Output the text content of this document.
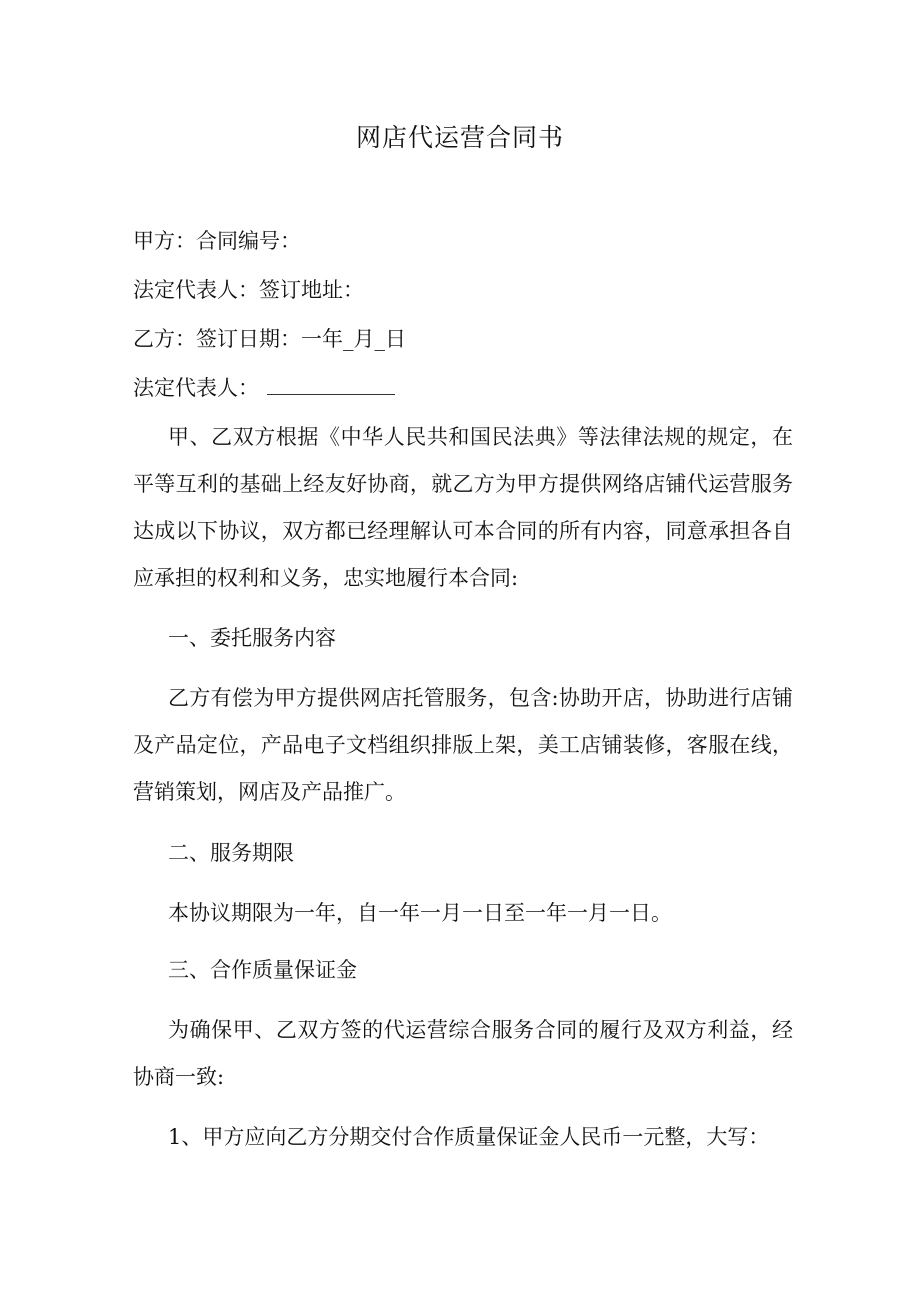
网店代运营合同书
甲方：合同编号：
法定代表人：签订地址：
乙方：签订日期：一年_月_日
法定代表人：
甲、乙双方根据《中华人民共和国民法典》等法律法规的规定，在平等互利的基础上经友好协商，就乙方为甲方提供网络店铺代运营服务达成以下协议，双方都已经理解认可本合同的所有内容，同意承担各自应承担的权利和义务，忠实地履行本合同:
一、委托服务内容
乙方有偿为甲方提供网店托管服务，包含:协助开店，协助进行店铺及产品定位，产品电子文档组织排版上架，美工店铺装修，客服在线，营销策划，网店及产品推广。
二、服务期限
本协议期限为一年，自一年一月一日至一年一月一日。
三、合作质量保证金
为确保甲、乙双方签的代运营综合服务合同的履行及双方利益，经协商一致:
1、甲方应向乙方分期交付合作质量保证金人民币一元整，大写：
